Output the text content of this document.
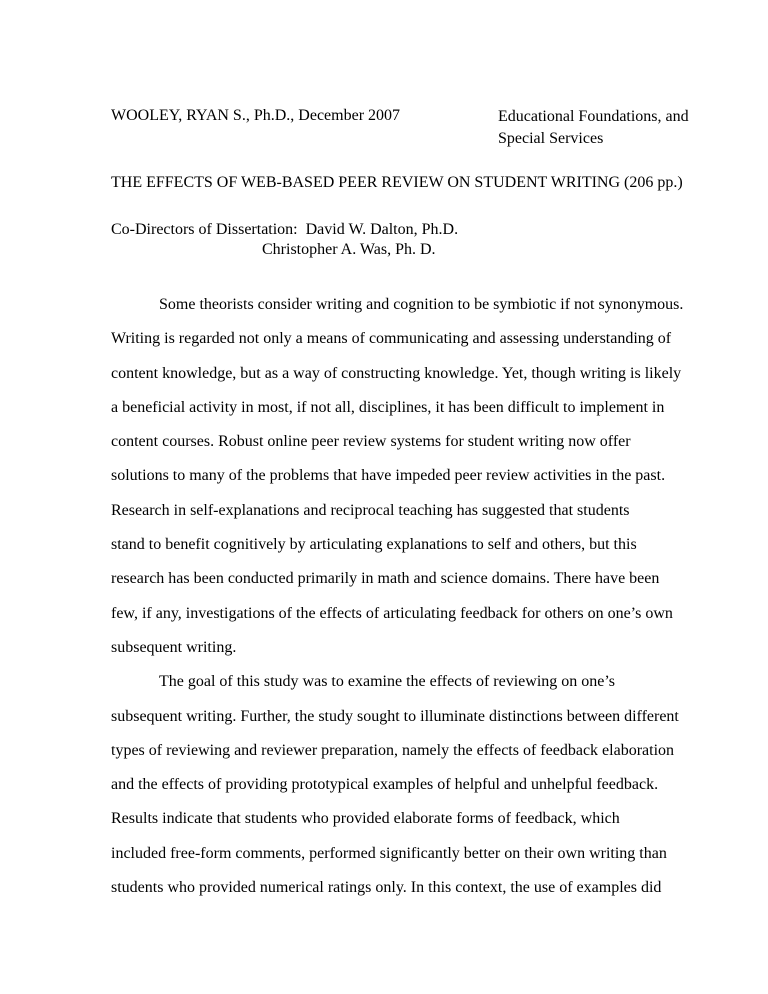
WOOLEY, RYAN S., Ph.D., December 2007	Educational Foundations, and
Special Services
THE EFFECTS OF WEB-BASED PEER REVIEW ON STUDENT WRITING (206 pp.)
Co-Directors of Dissertation:  David W. Dalton, Ph.D.
Christopher A. Was, Ph. D.
Some theorists consider writing and cognition to be symbiotic if not synonymous.
Writing is regarded not only a means of communicating and assessing understanding of
content knowledge, but as a way of constructing knowledge. Yet, though writing is likely
a beneficial activity in most, if not all, disciplines, it has been difficult to implement in
content courses. Robust online peer review systems for student writing now offer
solutions to many of the problems that have impeded peer review activities in the past.
Research in self-explanations and reciprocal teaching has suggested that students
stand to benefit cognitively by articulating explanations to self and others, but this
research has been conducted primarily in math and science domains. There have been
few, if any, investigations of the effects of articulating feedback for others on one’s own
subsequent writing.
The goal of this study was to examine the effects of reviewing on one’s
subsequent writing. Further, the study sought to illuminate distinctions between different
types of reviewing and reviewer preparation, namely the effects of feedback elaboration
and the effects of providing prototypical examples of helpful and unhelpful feedback.
Results indicate that students who provided elaborate forms of feedback, which
included free-form comments, performed significantly better on their own writing than
students who provided numerical ratings only. In this context, the use of examples did
